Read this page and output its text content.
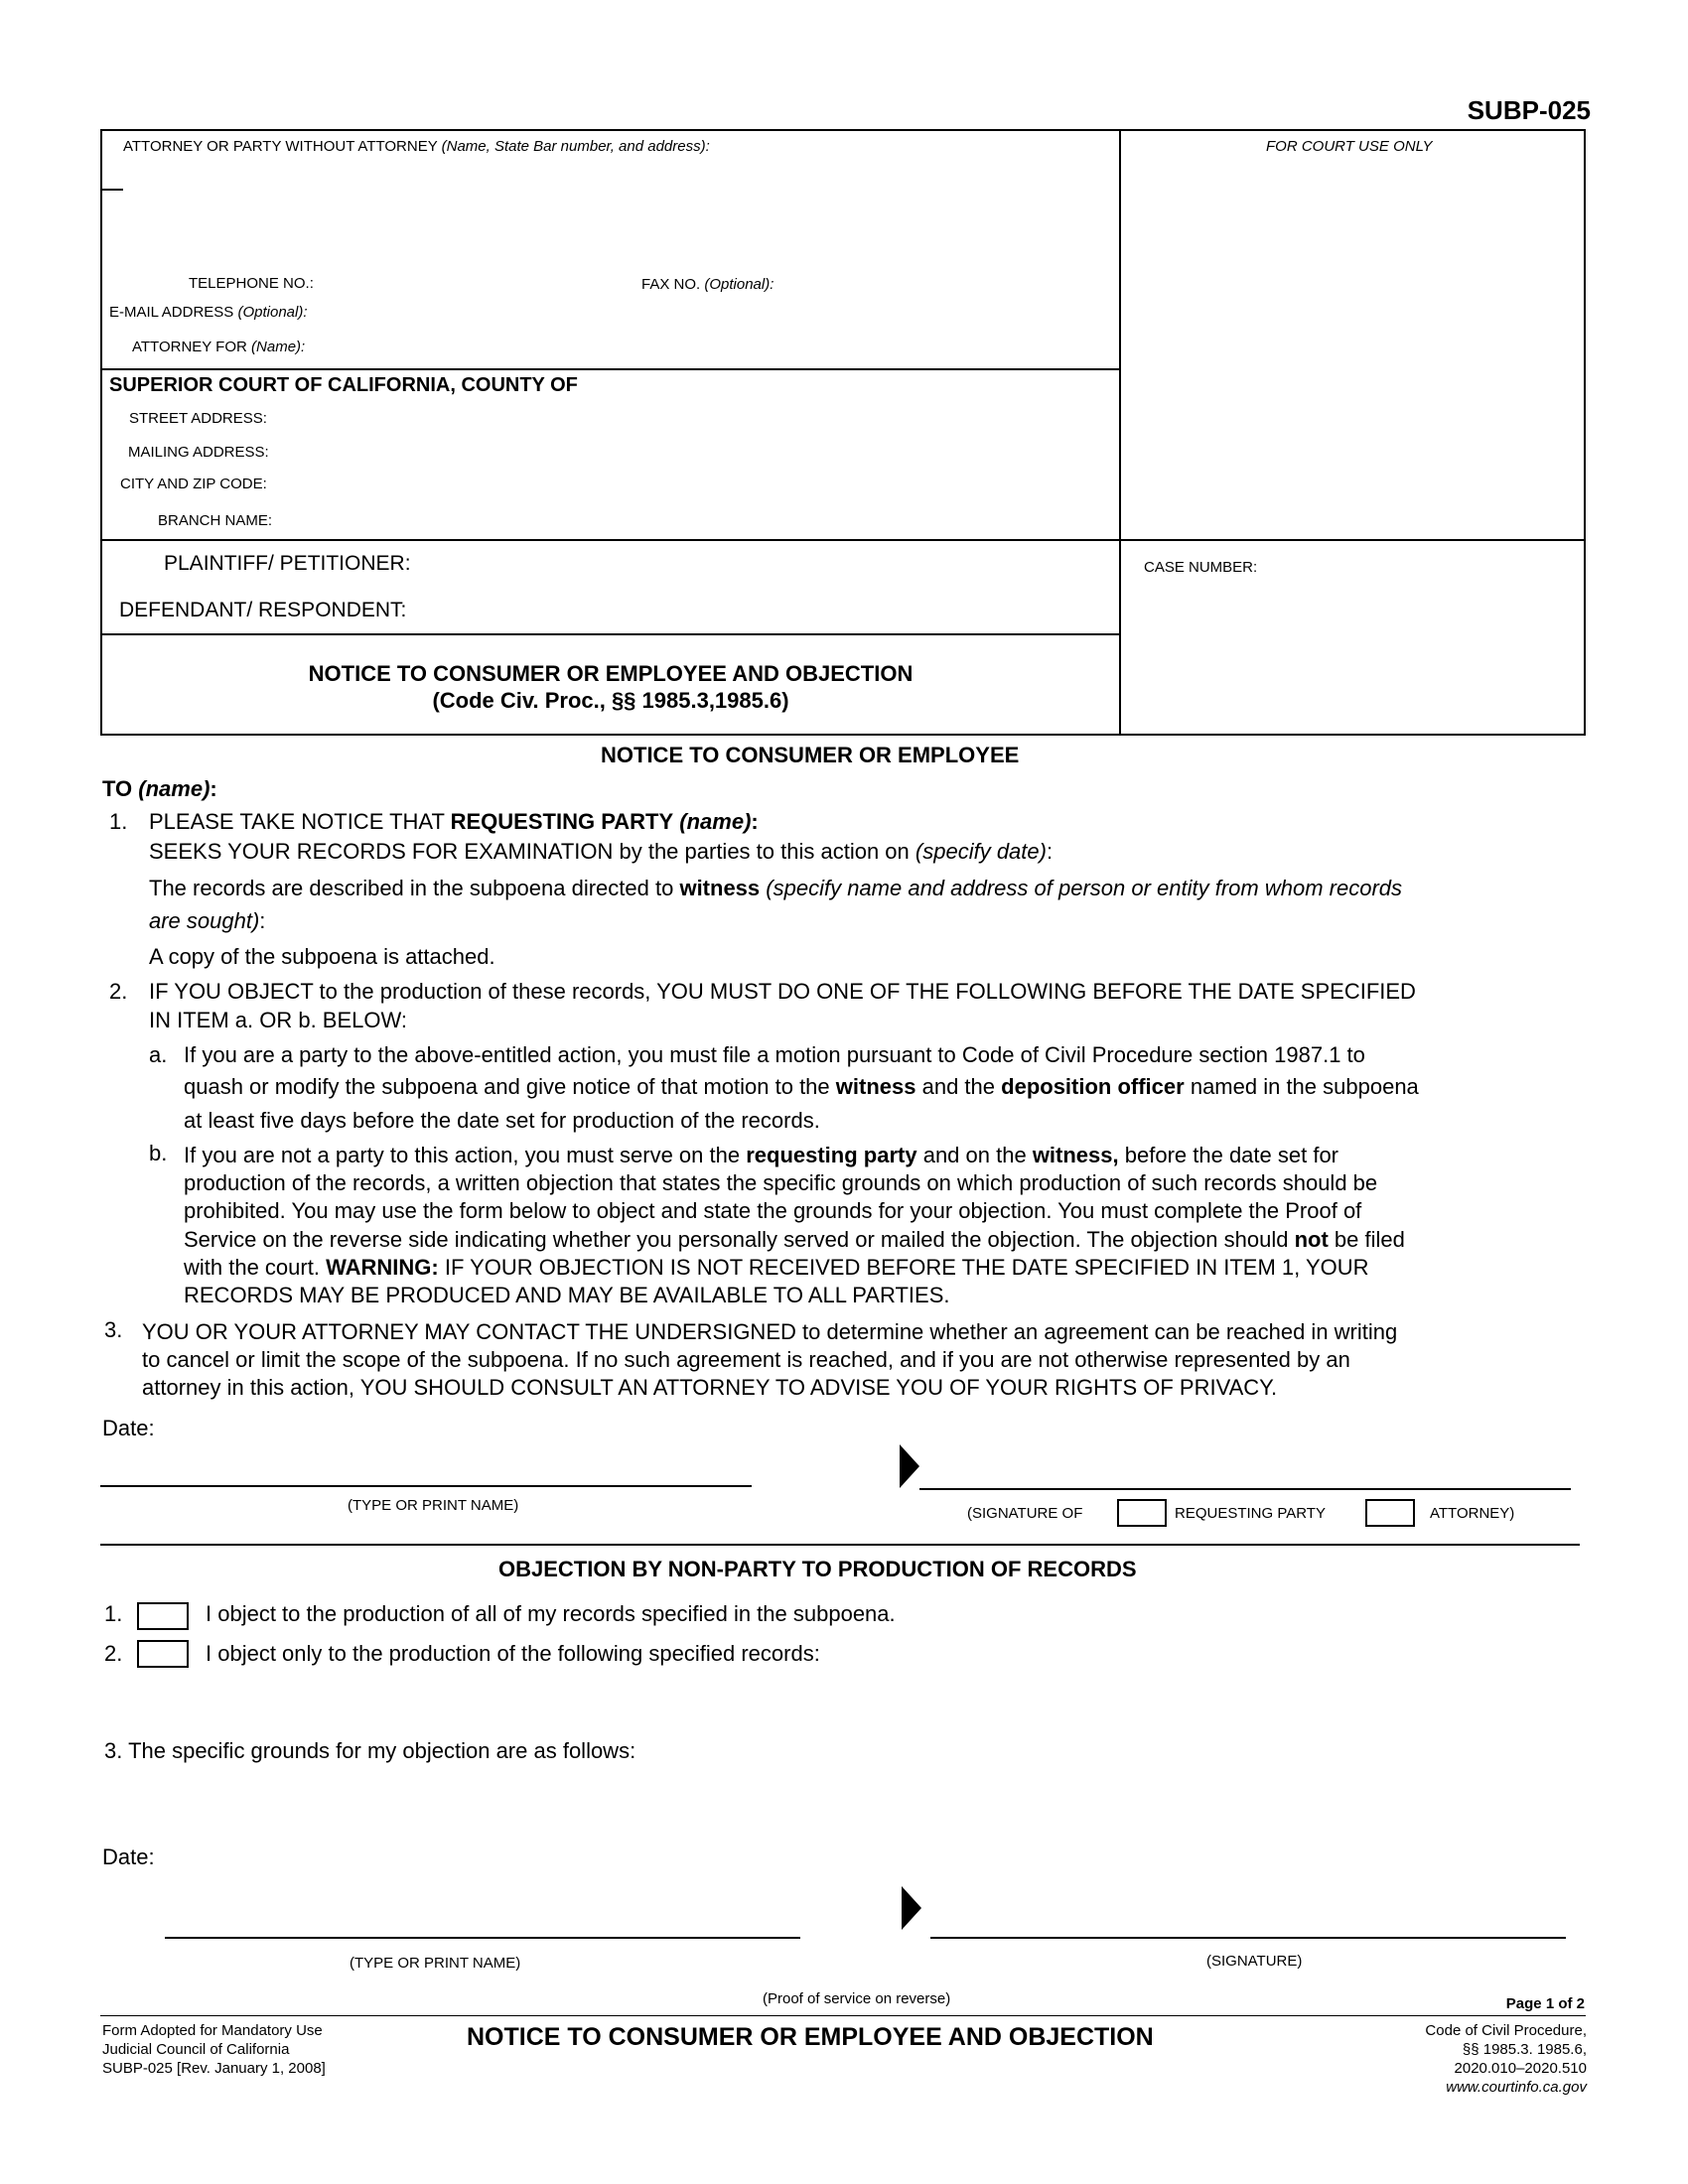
SUBP-025
ATTORNEY OR PARTY WITHOUT ATTORNEY (Name, State Bar number, and address):
TELEPHONE NO.:	FAX NO. (Optional):
E-MAIL ADDRESS (Optional):
ATTORNEY FOR (Name):
FOR COURT USE ONLY
SUPERIOR COURT OF CALIFORNIA, COUNTY OF
STREET ADDRESS:
MAILING ADDRESS:
CITY AND ZIP CODE:
BRANCH NAME:
PLAINTIFF/ PETITIONER:
DEFENDANT/ RESPONDENT:
CASE NUMBER:
NOTICE TO CONSUMER OR EMPLOYEE AND OBJECTION
(Code Civ. Proc., §§ 1985.3,1985.6)
NOTICE TO CONSUMER OR EMPLOYEE
TO (name):
1. PLEASE TAKE NOTICE THAT REQUESTING PARTY (name):
SEEKS YOUR RECORDS FOR EXAMINATION by the parties to this action on (specify date):
The records are described in the subpoena directed to witness (specify name and address of person or entity from whom records
are sought):
A copy of the subpoena is attached.
2. IF YOU OBJECT to the production of these records, YOU MUST DO ONE OF THE FOLLOWING BEFORE THE DATE SPECIFIED
IN ITEM a. OR b. BELOW:
a. If you are a party to the above-entitled action, you must file a motion pursuant to Code of Civil Procedure section 1987.1 to
quash or modify the subpoena and give notice of that motion to the witness and the deposition officer named in the subpoena
at least five days before the date set for production of the records.
b. If you are not a party to this action, you must serve on the requesting party and on the witness, before the date set for
production of the records, a written objection that states the specific grounds on which production of such records should be
prohibited. You may use the form below to object and state the grounds for your objection. You must complete the Proof of
Service on the reverse side indicating whether you personally served or mailed the objection. The objection should not be filed
with the court. WARNING: IF YOUR OBJECTION IS NOT RECEIVED BEFORE THE DATE SPECIFIED IN ITEM 1, YOUR
RECORDS MAY BE PRODUCED AND MAY BE AVAILABLE TO ALL PARTIES.
3. YOU OR YOUR ATTORNEY MAY CONTACT THE UNDERSIGNED to determine whether an agreement can be reached in writing
to cancel or limit the scope of the subpoena. If no such agreement is reached, and if you are not otherwise represented by an
attorney in this action, YOU SHOULD CONSULT AN ATTORNEY TO ADVISE YOU OF YOUR RIGHTS OF PRIVACY.
Date:
(TYPE OR PRINT NAME)	(SIGNATURE OF	REQUESTING PARTY	ATTORNEY)
OBJECTION BY NON-PARTY TO PRODUCTION OF RECORDS
1.	I object to the production of all of my records specified in the subpoena.
2.	I object only to the production of the following specified records:
3. The specific grounds for my objection are as follows:
Date:
(TYPE OR PRINT NAME)	(SIGNATURE)
(Proof of service on reverse)	Page 1 of 2
Form Adopted for Mandatory Use
Judicial Council of California
SUBP-025 [Rev. January 1, 2008]
NOTICE TO CONSUMER OR EMPLOYEE AND OBJECTION	Code of Civil Procedure,
§§ 1985.3. 1985.6,
2020.010–2020.510
www.courtinfo.ca.gov
